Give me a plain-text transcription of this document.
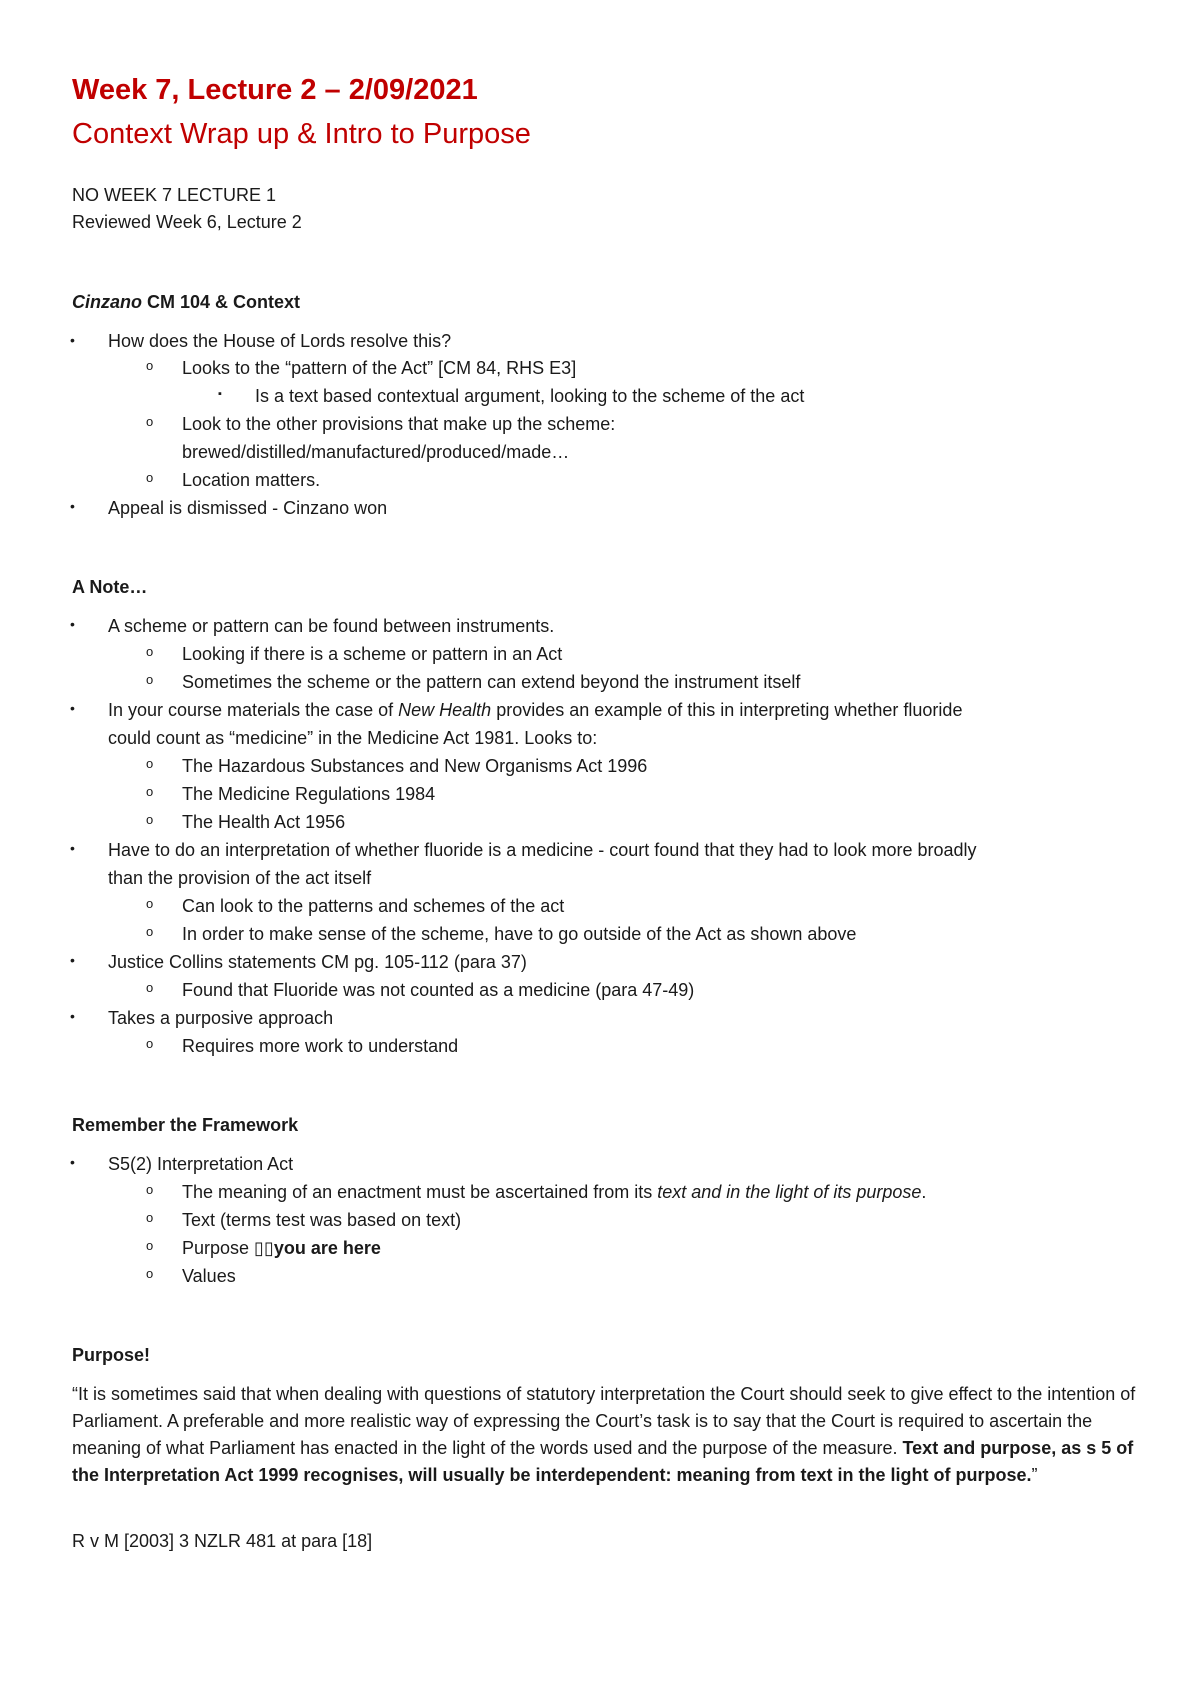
Week 7, Lecture 2 – 2/09/2021
Context Wrap up & Intro to Purpose
NO WEEK 7 LECTURE 1
Reviewed Week 6, Lecture 2
Cinzano CM 104 & Context
• How does the House of Lords resolve this?
o Looks to the “pattern of the Act” [CM 84, RHS E3]
▪ Is a text based contextual argument, looking to the scheme of the act
o Look to the other provisions that make up the scheme:
brewed/distilled/manufactured/produced/made…
o Location matters.
• Appeal is dismissed - Cinzano won
A Note…
• A scheme or pattern can be found between instruments.
o Looking if there is a scheme or pattern in an Act
o Sometimes the scheme or the pattern can extend beyond the instrument itself
• In your course materials the case of New Health provides an example of this in interpreting whether fluoride
could count as “medicine” in the Medicine Act 1981. Looks to:
o The Hazardous Substances and New Organisms Act 1996
o The Medicine Regulations 1984
o The Health Act 1956
• Have to do an interpretation of whether fluoride is a medicine - court found that they had to look more broadly
than the provision of the act itself
o Can look to the patterns and schemes of the act
o In order to make sense of the scheme, have to go outside of the Act as shown above
• Justice Collins statements CM pg. 105-112 (para 37)
o Found that Fluoride was not counted as a medicine (para 47-49)
• Takes a purposive approach
o Requires more work to understand
Remember the Framework
• S5(2) Interpretation Act
o The meaning of an enactment must be ascertained from its text and in the light of its purpose.
o Text (terms test was based on text)
o Purpose ▯▯you are here
o Values
Purpose!
“It is sometimes said that when dealing with questions of statutory interpretation the Court should seek to give effect to the intention of Parliament. A preferable and more realistic way of expressing the Court’s task is to say that the Court is required to ascertain the meaning of what Parliament has enacted in the light of the words used and the purpose of the measure. Text and purpose, as s 5 of the Interpretation Act 1999 recognises, will usually be interdependent: meaning from text in the light of purpose.”
R v M [2003] 3 NZLR 481 at para [18]
